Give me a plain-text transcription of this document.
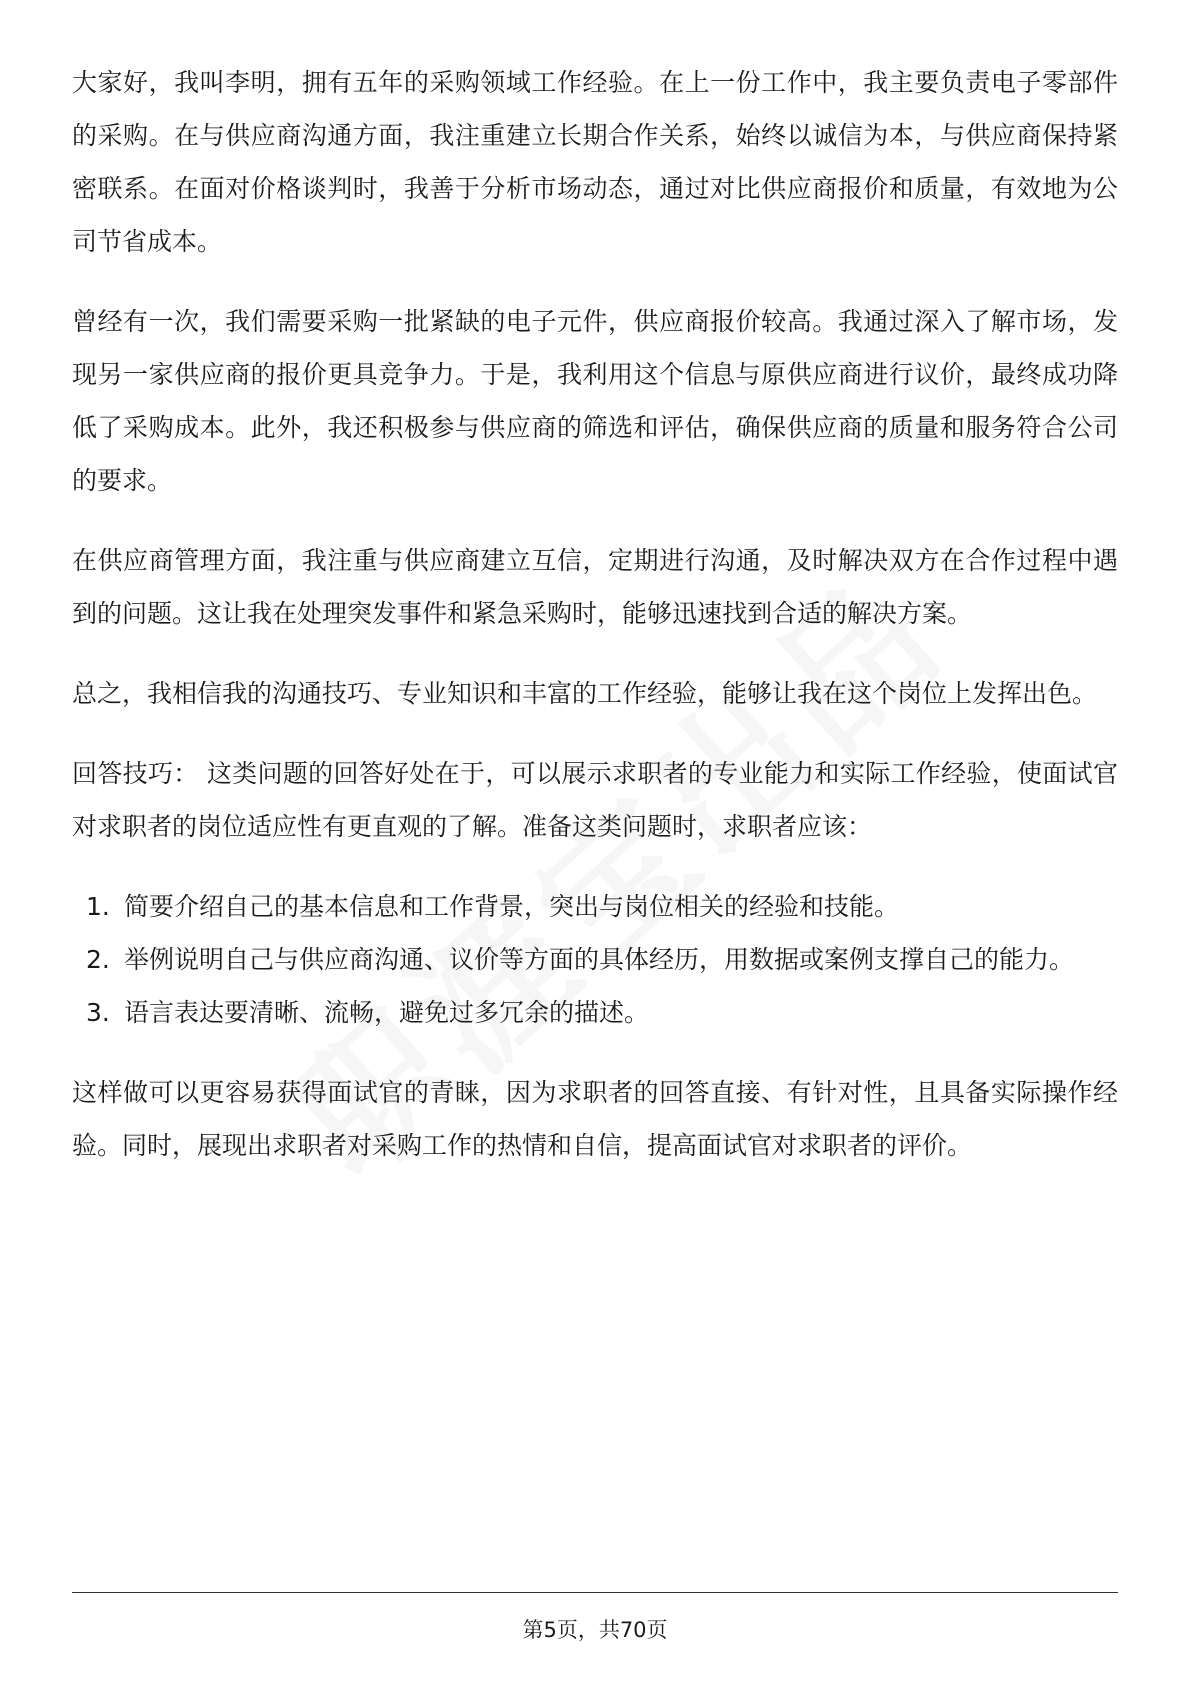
大家好，我叫李明，拥有五年的采购领域工作经验。在上一份工作中，我主要负责电子零部件的采购。在与供应商沟通方面，我注重建立长期合作关系，始终以诚信为本，与供应商保持紧密联系。在面对价格谈判时，我善于分析市场动态，通过对比供应商报价和质量，有效地为公司节省成本。

曾经有一次，我们需要采购一批紧缺的电子元件，供应商报价较高。我通过深入了解市场，发现另一家供应商的报价更具竞争力。于是，我利用这个信息与原供应商进行议价，最终成功降低了采购成本。此外，我还积极参与供应商的筛选和评估，确保供应商的质量和服务符合公司的要求。

在供应商管理方面，我注重与供应商建立互信，定期进行沟通，及时解决双方在合作过程中遇到的问题。这让我在处理突发事件和紧急采购时，能够迅速找到合适的解决方案。

总之，我相信我的沟通技巧、专业知识和丰富的工作经验，能够让我在这个岗位上发挥出色。

回答技巧： 这类问题的回答好处在于，可以展示求职者的专业能力和实际工作经验，使面试官对求职者的岗位适应性有更直观的了解。准备这类问题时，求职者应该：

1. 简要介绍自己的基本信息和工作背景，突出与岗位相关的经验和技能。
2. 举例说明自己与供应商沟通、议价等方面的具体经历，用数据或案例支撑自己的能力。
3. 语言表达要清晰、流畅，避免过多冗余的描述。

这样做可以更容易获得面试官的青睐，因为求职者的回答直接、有针对性，且具备实际操作经验。同时，展现出求职者对采购工作的热情和自信，提高面试官对求职者的评价。

第5页，共70页
